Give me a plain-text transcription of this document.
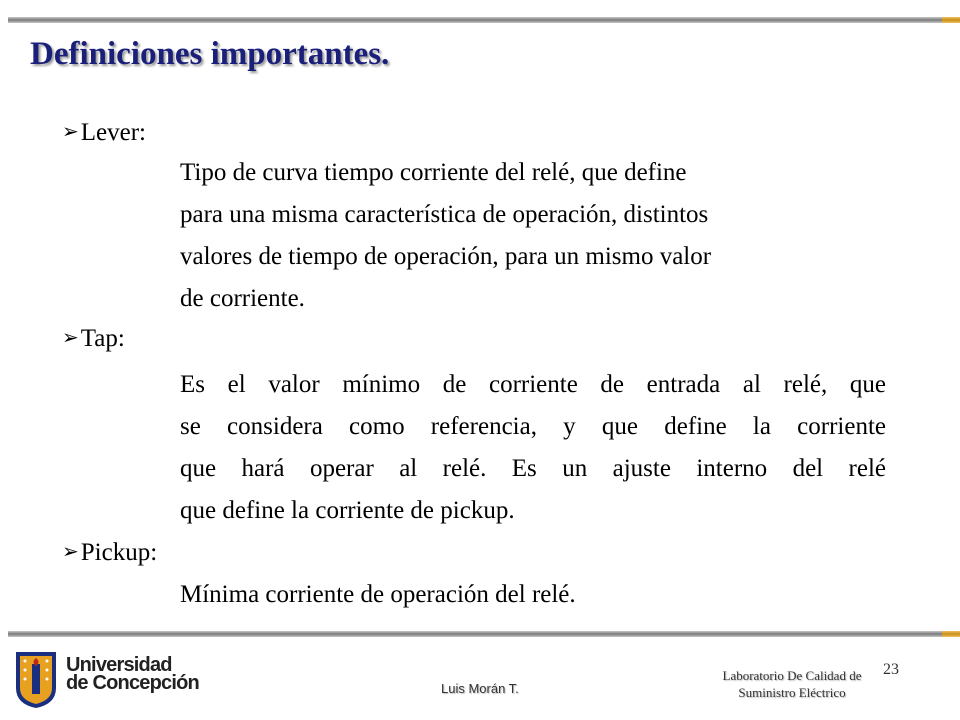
Definiciones importantes.
➢Lever:
Tipo de curva tiempo corriente del relé, que define
para una misma característica de operación, distintos
valores de tiempo de operación, para un mismo valor
de corriente.
➢Tap:
Es el valor mínimo de corriente de entrada al relé, que
se considera como referencia, y que define la corriente
que hará operar al relé. Es un ajuste interno del relé
que define la corriente de pickup.
➢Pickup:
Mínima corriente de operación del relé.
Universidad
de Concepción	Luis Morán T.
Laboratorio De Calidad de
Suministro Eléctrico
23
